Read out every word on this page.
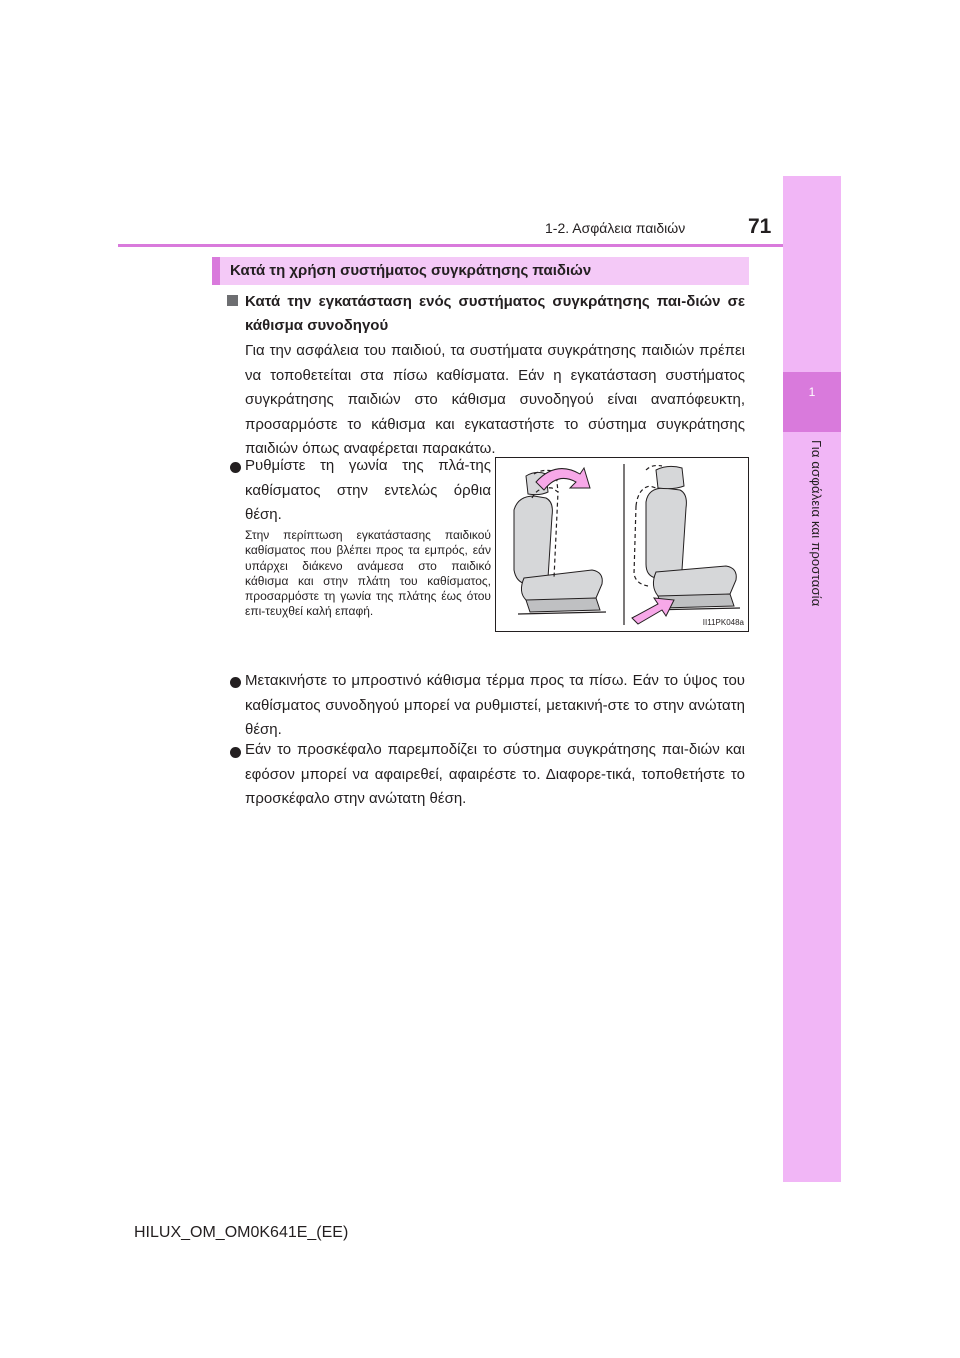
1
Για ασφάλεια και προστασία
1-2. Ασφάλεια παιδιών	71
Κατά τη χρήση συστήματος συγκράτησης παιδιών
Κατά την εγκατάσταση ενός συστήματος συγκράτησης παι-διών σε κάθισμα συνοδηγού
Για την ασφάλεια του παιδιού, τα συστήματα συγκράτησης παιδιών πρέπει να τοποθετείται στα πίσω καθίσματα. Εάν η εγκατάσταση συστήματος συγκράτησης παιδιών στο κάθισμα συνοδηγού είναι αναπόφευκτη, προσαρμόστε το κάθισμα και εγκαταστήστε το σύστημα συγκράτησης παιδιών όπως αναφέρεται παρακάτω.
Ρυθμίστε τη γωνία της πλά-της καθίσματος στην εντελώς όρθια θέση.
Στην περίπτωση εγκατάστασης παιδικού καθίσματος που βλέπει προς τα εμπρός, εάν υπάρχει διάκενο ανάμεσα στο παιδικό κάθισμα και στην πλάτη του καθίσματος, προσαρμόστε τη γωνία της πλάτης έως ότου επι-τευχθεί καλή επαφή.
II11PK048a
Μετακινήστε το μπροστινό κάθισμα τέρμα προς τα πίσω. Εάν το ύψος του καθίσματος συνοδηγού μπορεί να ρυθμιστεί, μετακινή-στε το στην ανώτατη θέση.
Εάν το προσκέφαλο παρεμποδίζει το σύστημα συγκράτησης παι-διών και εφόσον μπορεί να αφαιρεθεί, αφαιρέστε το. Διαφορε-τικά, τοποθετήστε το προσκέφαλο στην ανώτατη θέση.
HILUX_OM_OM0K641E_(EE)
